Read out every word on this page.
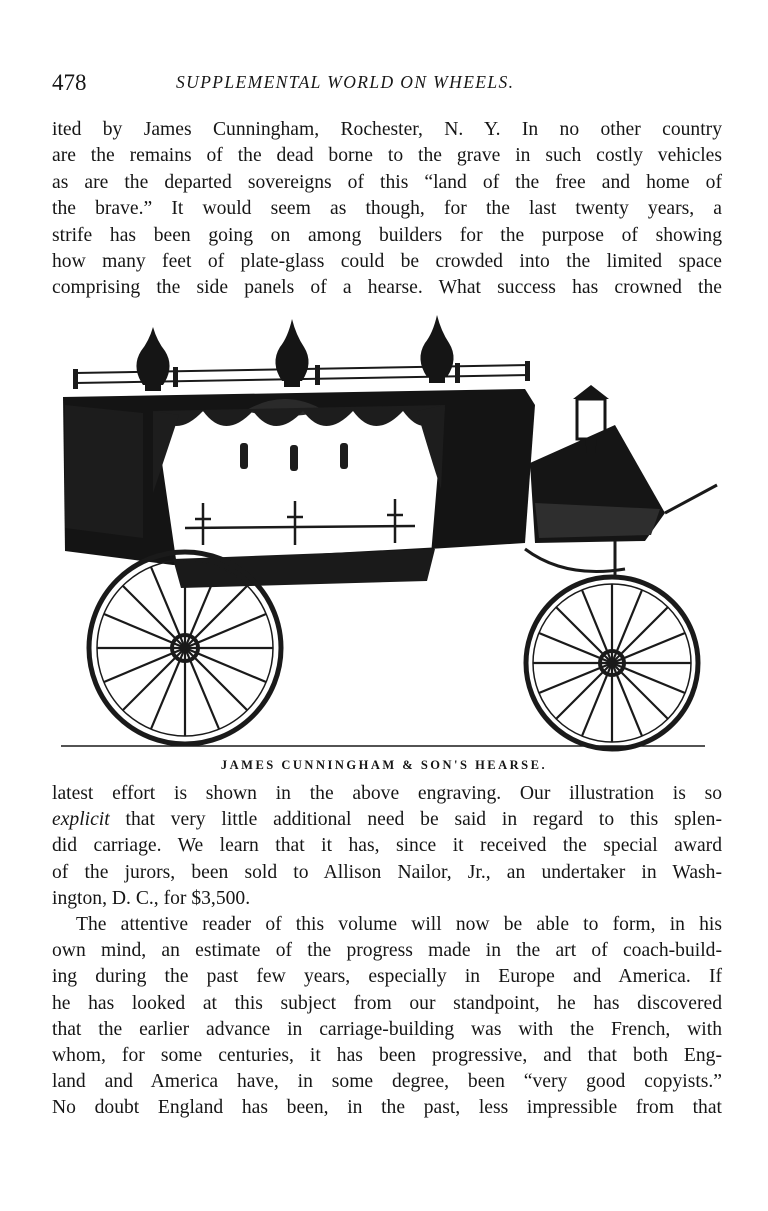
478	SUPPLEMENTAL WORLD ON WHEELS.
ited by James Cunningham, Rochester, N. Y. In no other country
are the remains of the dead borne to the grave in such costly vehicles
as are the departed sovereigns of this “land of the free and home of
the brave.” It would seem as though, for the last twenty years, a
strife has been going on among builders for the purpose of showing
how many feet of plate-glass could be crowded into the limited space
comprising the side panels of a hearse. What success has crowned the
JAMES CUNNINGHAM & SON'S HEARSE.
latest effort is shown in the above engraving. Our illustration is so
explicit that very little additional need be said in regard to this splen-
did carriage. We learn that it has, since it received the special award
of the jurors, been sold to Allison Nailor, Jr., an undertaker in Wash-
ington, D. C., for $3,500.
The attentive reader of this volume will now be able to form, in his
own mind, an estimate of the progress made in the art of coach-build-
ing during the past few years, especially in Europe and America. If
he has looked at this subject from our standpoint, he has discovered
that the earlier advance in carriage-building was with the French, with
whom, for some centuries, it has been progressive, and that both Eng-
land and America have, in some degree, been “very good copyists.”
No doubt England has been, in the past, less impressible from that
